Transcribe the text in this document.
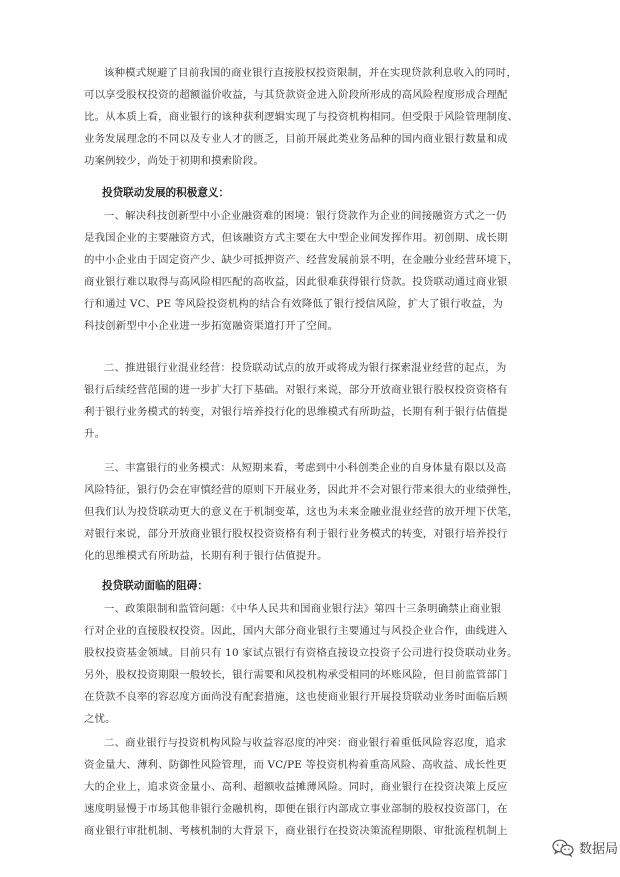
该种模式规避了目前我国的商业银行直接股权投资限制，并在实现贷款利息收入的同时，
可以享受股权投资的超额溢价收益，与其贷款资金进入阶段所形成的高风险程度形成合理配
比。从本质上看，商业银行的该种获利逻辑实现了与投资机构相同。但受限于风险管理制度、
业务发展理念的不同以及专业人才的匮乏，目前开展此类业务品种的国内商业银行数量和成
功案例较少，尚处于初期和摸索阶段。
投贷联动发展的积极意义：
一、解决科技创新型中小企业融资难的困境：银行贷款作为企业的间接融资方式之一仍
是我国企业的主要融资方式，但该融资方式主要在大中型企业间发挥作用。初创期、成长期
的中小企业由于固定资产少、缺少可抵押资产、经营发展前景不明，在金融分业经营环境下，
商业银行难以取得与高风险相匹配的高收益，因此很难获得银行贷款。投贷联动通过商业银
行和通过 VC、PE 等风险投资机构的结合有效降低了银行授信风险，扩大了银行收益，为
科技创新型中小企业进一步拓宽融资渠道打开了空间。
二、推进银行业混业经营：投贷联动试点的放开或将成为银行探索混业经营的起点，为
银行后续经营范围的进一步扩大打下基础。对银行来说，部分开放商业银行股权投资资格有
利于银行业务模式的转变，对银行培养投行化的思维模式有所助益，长期有利于银行估值提
升。
三、丰富银行的业务模式：从短期来看，考虑到中小科创类企业的自身体量有限以及高
风险特征，银行仍会在审慎经营的原则下开展业务，因此并不会对银行带来很大的业绩弹性，
但我们认为投贷联动更大的意义在于机制变革，这也为未来金融业混业经营的放开埋下伏笔，
对银行来说，部分开放商业银行股权投资资格有利于银行业务模式的转变，对银行培养投行
化的思维模式有所助益，长期有利于银行估值提升。
投贷联动面临的阻碍：
一、政策限制和监管问题：《中华人民共和国商业银行法》第四十三条明确禁止商业银
行对企业的直接股权投资。因此，国内大部分商业银行主要通过与风投企业合作，曲线进入
股权投资基金领域。目前只有 10 家试点银行有资格直接设立投资子公司进行投贷联动业务。
另外，股权投资期限一般较长，银行需要和风投机构承受相同的坏账风险，但目前监管部门
在贷款不良率的容忍度方面尚没有配套措施，这也使商业银行开展投贷联动业务时面临后顾
之忧。
二、商业银行与投资机构风险与收益容忍度的冲突：商业银行着重低风险容忍度，追求
资金量大、薄利、防御性风险管理，而 VC/PE 等投资机构着重高风险、高收益、成长性更
大的企业上，追求资金量小、高利、超额收益摊薄风险。同时，商业银行在投资决策上反应
速度明显慢于市场其他非银行金融机构，即便在银行内部成立事业部制的股权投资部门，在
商业银行审批机制、考核机制的大背景下，商业银行在投资决策流程期限、审批流程机制上
数据局
